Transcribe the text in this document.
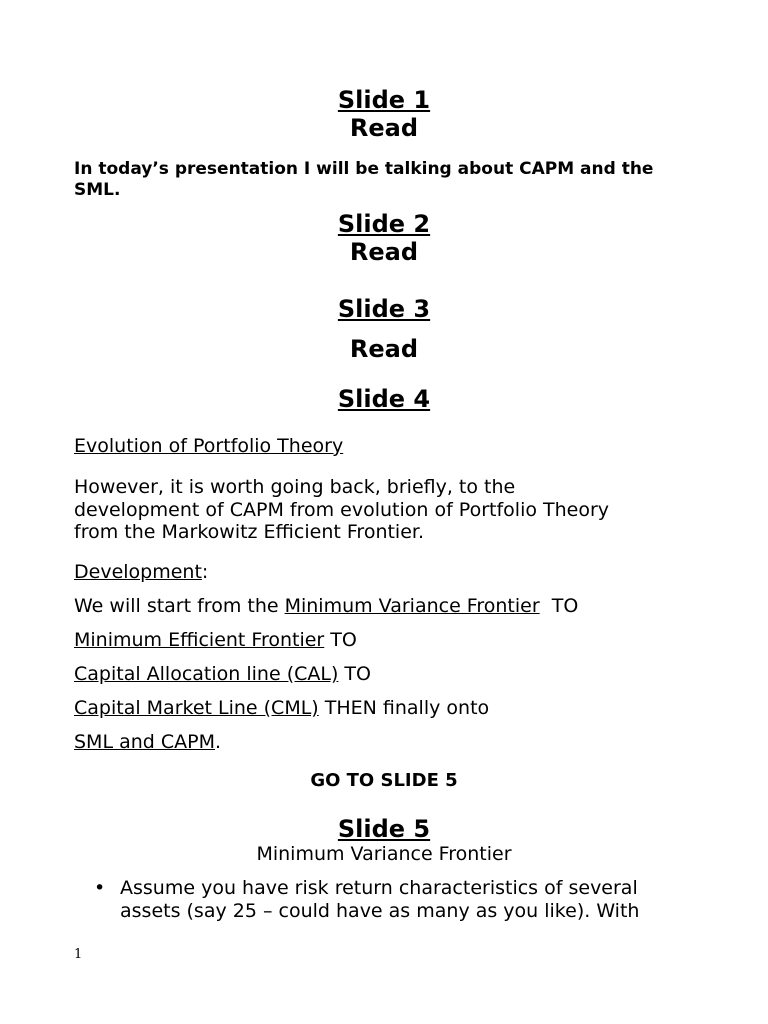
Slide 1
Read
In today’s presentation I will be talking about CAPM and the
SML.
Slide 2
Read
Slide 3
Read
Slide 4
Evolution of Portfolio Theory
However, it is worth going back, briefly, to the
development of CAPM from evolution of Portfolio Theory
from the Markowitz Efficient Frontier.
Development:
We will start from the Minimum Variance Frontier  TO
Minimum Efficient Frontier TO
Capital Allocation line (CAL) TO
Capital Market Line (CML) THEN finally onto
SML and CAPM.
GO TO SLIDE 5
Slide 5
Minimum Variance Frontier
• Assume you have risk return characteristics of several
assets (say 25 – could have as many as you like). With
1
